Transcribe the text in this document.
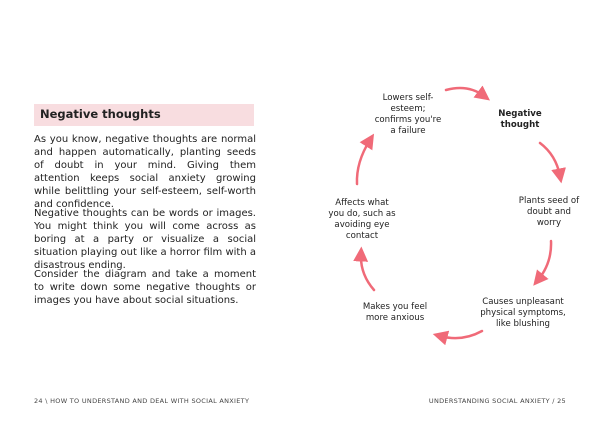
Negative thoughts
As you know, negative thoughts are normal and happen automatically, planting seeds of doubt in your mind. Giving them attention keeps social anxiety growing while belittling your self-esteem, self-worth and confidence.
Negative thoughts can be words or images. You might think you will come across as boring at a party or visualize a social situation playing out like a horror film with a disastrous ending.
Consider the diagram and take a moment to write down some negative thoughts or images you have about social situations.
24 \ HOW TO UNDERSTAND AND DEAL WITH SOCIAL ANXIETY	UNDERSTANDING SOCIAL ANXIETY / 25
Negative thought
Plants seed of doubt and worry
Causes unpleasant physical symptoms, like blushing
Makes you feel more anxious
Affects what you do, such as avoiding eye contact
Lowers self-esteem; confirms you're a failure
